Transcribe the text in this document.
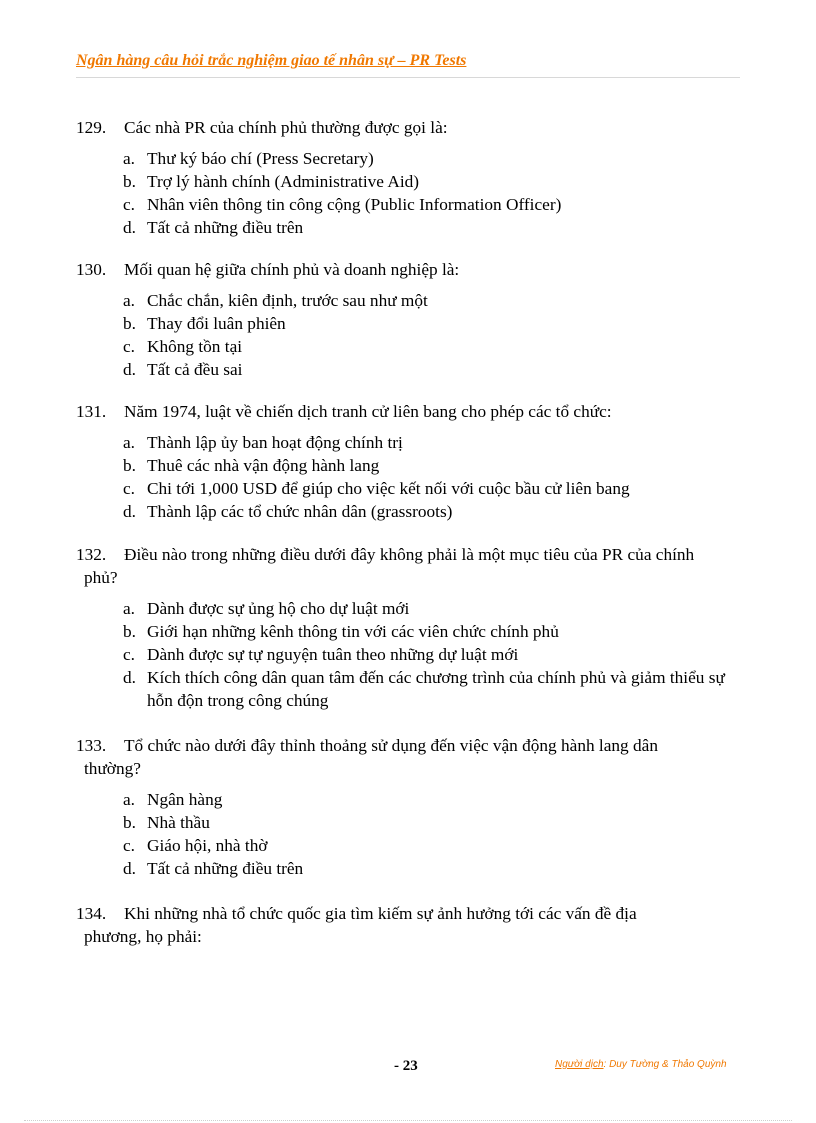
Ngân hàng câu hỏi trắc nghiệm giao tế nhân sự – PR Tests
129.	Các nhà PR của chính phủ thường được gọi là:
a. Thư ký báo chí (Press Secretary)
b. Trợ lý hành chính (Administrative Aid)
c. Nhân viên thông tin công cộng (Public Information Officer)
d. Tất cả những điều trên
130.	Mối quan hệ giữa chính phủ và doanh nghiệp là:
a. Chắc chắn, kiên định, trước sau như một
b. Thay đổi luân phiên
c. Không tồn tại
d. Tất cả đều sai
131.	Năm 1974, luật về chiến dịch tranh cử liên bang cho phép các tổ chức:
a. Thành lập ủy ban hoạt động chính trị
b. Thuê các nhà vận động hành lang
c. Chi tới 1,000 USD để giúp cho việc kết nối với cuộc bầu cử liên bang
d. Thành lập các tổ chức nhân dân (grassroots)
132.	Điều nào trong những điều dưới đây không phải là một mục tiêu của PR của chính
phủ?
a. Dành được sự ủng hộ cho dự luật mới
b. Giới hạn những kênh thông tin với các viên chức chính phủ
c. Dành được sự tự nguyện tuân theo những dự luật mới
d. Kích thích công dân quan tâm đến các chương trình của chính phủ và giảm thiểu sự hỗn độn trong công chúng
133.	Tổ chức nào dưới đây thỉnh thoảng sử dụng đến việc vận động hành lang dân
thường?
a. Ngân hàng
b. Nhà thầu
c. Giáo hội, nhà thờ
d. Tất cả những điều trên
134.	Khi những nhà tổ chức quốc gia tìm kiếm sự ảnh hưởng tới các vấn đề địa
phương, họ phải:
- 23	Người dịch: Duy Tường & Thảo Quỳnh
